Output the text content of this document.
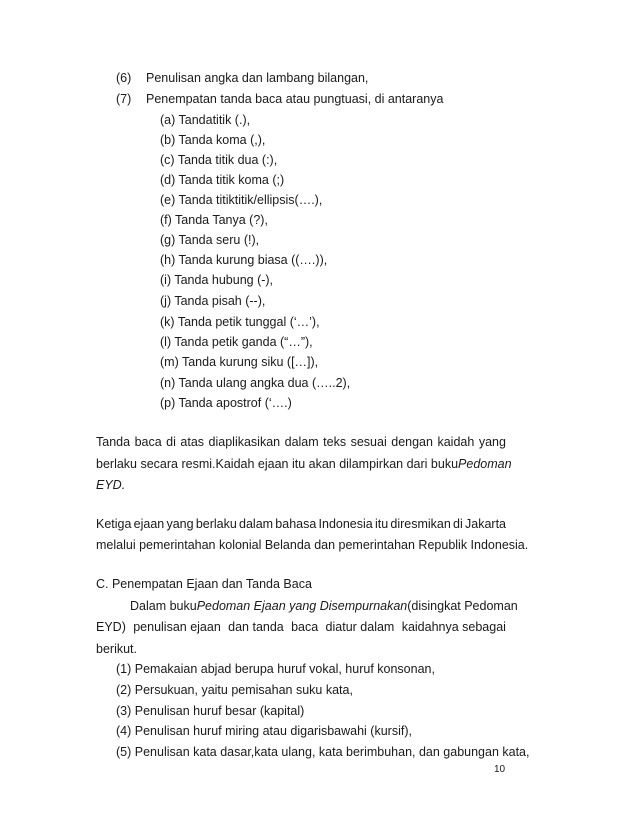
(6) Penulisan angka dan lambang bilangan,
(7) Penempatan tanda baca atau pungtuasi, di antaranya
(a) Tandatitik (.),
(b) Tanda koma (,),
(c) Tanda titik dua (:),
(d) Tanda titik koma (;)
(e) Tanda titiktitik/ellipsis(….),
(f) Tanda Tanya (?),
(g) Tanda seru (!),
(h) Tanda kurung biasa ((….)),
(i) Tanda hubung (-),
(j) Tanda pisah (--),
(k) Tanda petik tunggal (‘…’),
(l) Tanda petik ganda (“…”),
(m) Tanda kurung siku ([…]),
(n) Tanda ulang angka dua (…..2),
(p) Tanda apostrof (‘….)
Tanda baca di atas diaplikasikan dalam teks sesuai dengan kaidah yang
berlaku secara resmi. Kaidah ejaan itu akan dilampirkan dari buku Pedoman
EYD.
Ketiga ejaan yang berlaku dalam bahasa Indonesia itu diresmikan di Jakarta
melalui pemerintahan kolonial Belanda dan pemerintahan Republik Indonesia.
C. Penempatan Ejaan dan Tanda Baca
Dalam buku Pedoman Ejaan yang Disempurnakan (disingkat Pedoman
EYD) penulisan ejaan dan tanda baca diatur dalam kaidahnya sebagai
berikut.
(1) Pemakaian abjad berupa huruf vokal, huruf konsonan,
(2) Persukuan, yaitu pemisahan suku kata,
(3) Penulisan huruf besar (kapital)
(4) Penulisan huruf miring atau digarisbawahi (kursif),
(5) Penulisan kata dasar,kata ulang, kata berimbuhan, dan gabungan kata,
10
